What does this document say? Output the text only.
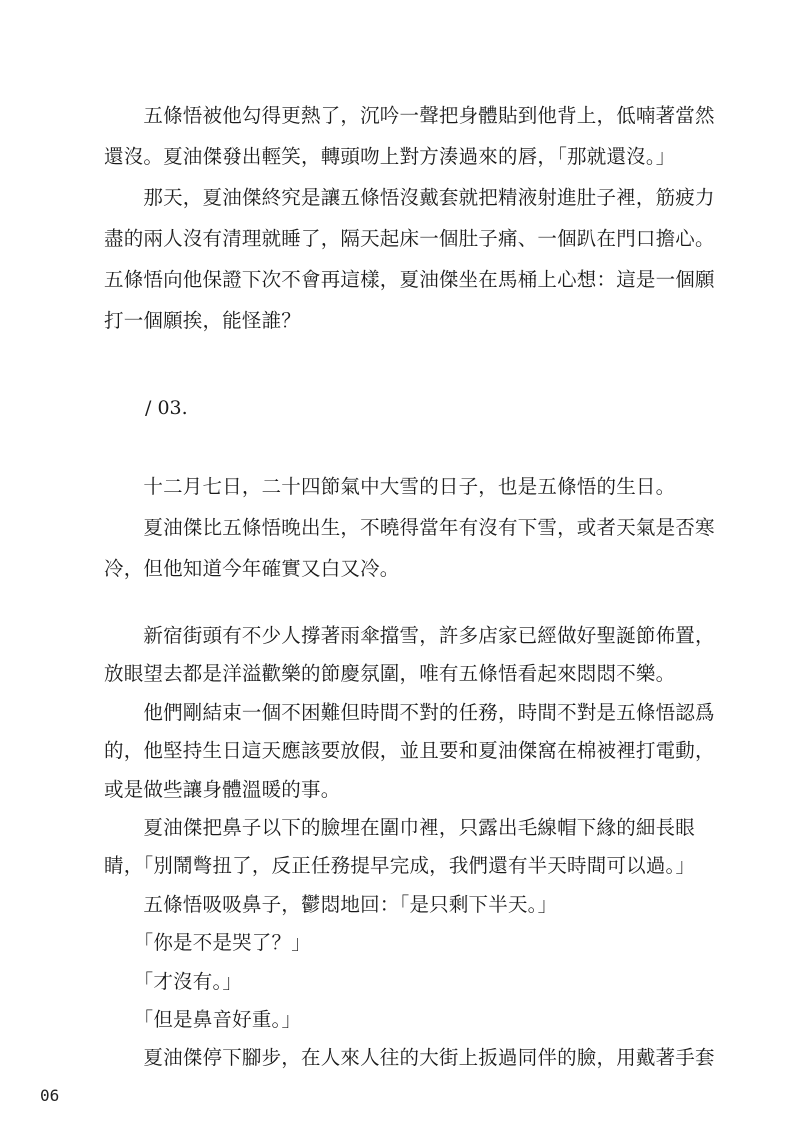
　　五條悟被他勾得更熱了，沉吟一聲把身體貼到他背上，低喃著當然
還沒。夏油傑發出輕笑，轉頭吻上對方湊過來的唇，「那就還沒。」
　　那天，夏油傑終究是讓五條悟沒戴套就把精液射進肚子裡，筋疲力
盡的兩人沒有清理就睡了，隔天起床一個肚子痛、一個趴在門口擔心。
五條悟向他保證下次不會再這樣，夏油傑坐在馬桶上心想：這是一個願
打一個願挨，能怪誰？
/ 03.
　　十二月七日，二十四節氣中大雪的日子，也是五條悟的生日。
　　夏油傑比五條悟晚出生，不曉得當年有沒有下雪，或者天氣是否寒
冷，但他知道今年確實又白又冷。
　　新宿街頭有不少人撐著雨傘擋雪，許多店家已經做好聖誕節佈置，
放眼望去都是洋溢歡樂的節慶氛圍，唯有五條悟看起來悶悶不樂。
　　他們剛結束一個不困難但時間不對的任務，時間不對是五條悟認爲
的，他堅持生日這天應該要放假，並且要和夏油傑窩在棉被裡打電動，
或是做些讓身體溫暖的事。
　　夏油傑把鼻子以下的臉埋在圍巾裡，只露出毛線帽下緣的細長眼
睛，「別鬧彆扭了，反正任務提早完成，我們還有半天時間可以過。」
　　五條悟吸吸鼻子，鬱悶地回：「是只剩下半天。」
　　「你是不是哭了？」
　　「才沒有。」
　　「但是鼻音好重。」
06
　　夏油傑停下腳步，在人來人往的大街上扳過同伴的臉，用戴著手套
